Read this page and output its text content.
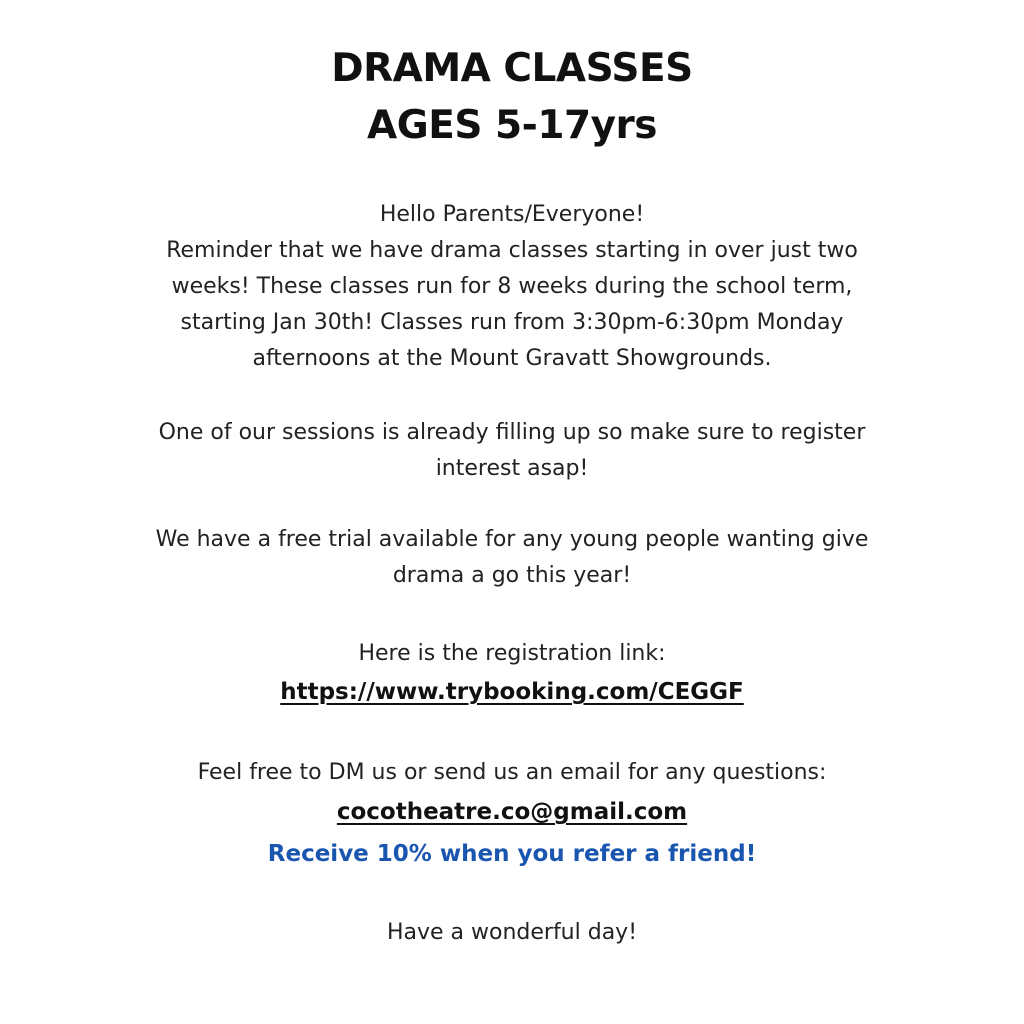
DRAMA CLASSES
AGES 5-17yrs
Hello Parents/Everyone!
Reminder that we have drama classes starting in over just two
weeks! These classes run for 8 weeks during the school term,
starting Jan 30th! Classes run from 3:30pm-6:30pm Monday
afternoons at the Mount Gravatt Showgrounds.
One of our sessions is already filling up so make sure to register
interest asap!
We have a free trial available for any young people wanting give
drama a go this year!
Here is the registration link:
https://www.trybooking.com/CEGGF
Feel free to DM us or send us an email for any questions:
cocotheatre.co@gmail.com
Receive 10% when you refer a friend!
Have a wonderful day!
